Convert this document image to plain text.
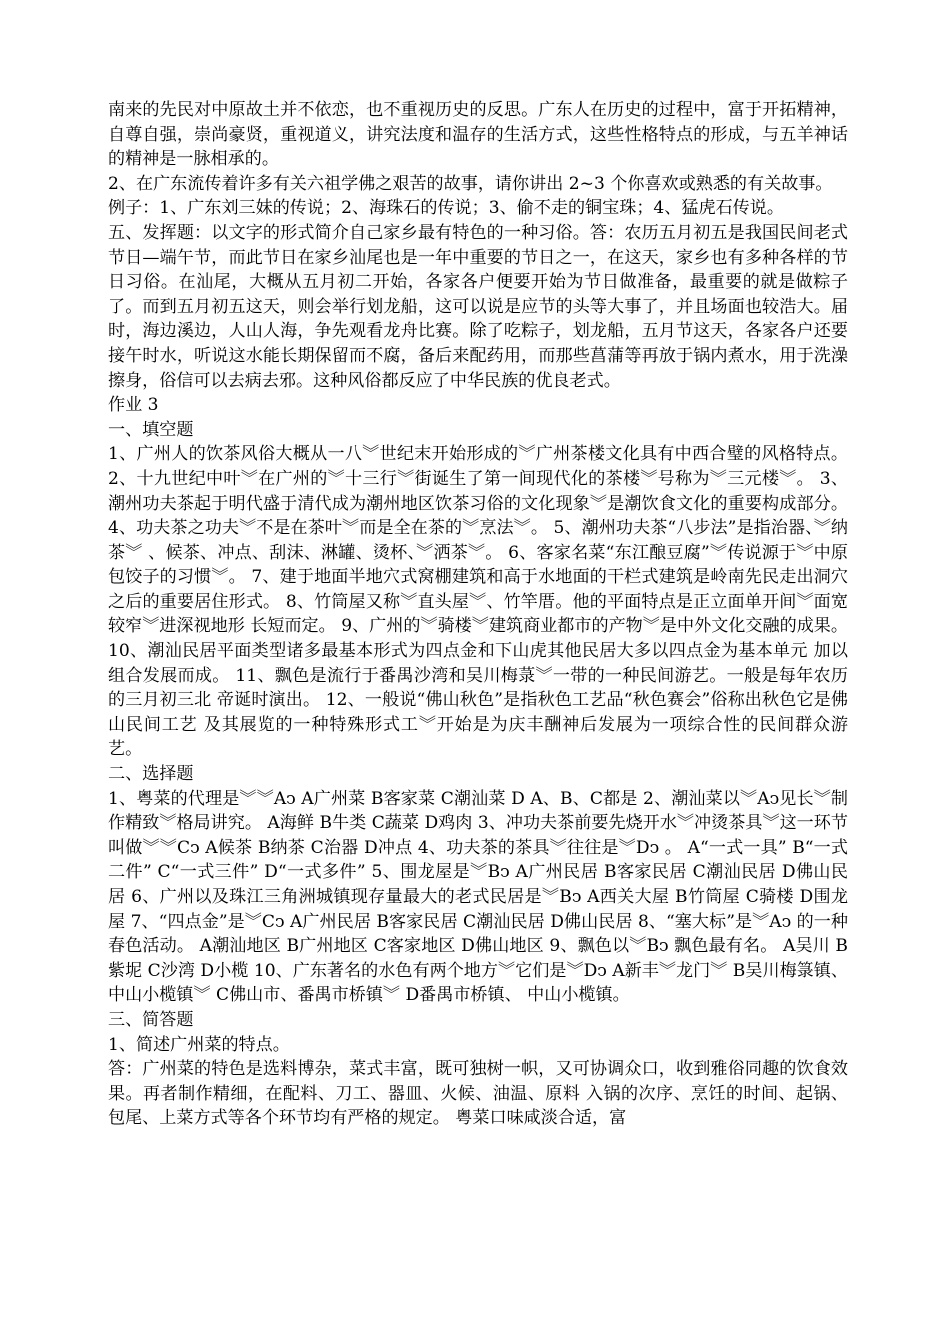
南来的先民对中原故土并不依恋，也不重视历史的反思。广东人在历史的过程中，富于开拓精神，自尊自强，崇尚豪贤，重视道义，讲究法度和温存的生活方式，这些性格特点的形成，与五羊神话的精神是一脉相承的。

2、在广东流传着许多有关六祖学佛之艰苦的故事，请你讲出 2~3 个你喜欢或熟悉的有关故事。

例子：1、广东刘三妹的传说；2、海珠石的传说；3、偷不走的铜宝珠；4、猛虎石传说。

五、发挥题：以文字的形式简介自己家乡最有特色的一种习俗。答：农历五月初五是我国民间老式节日—端午节，而此节日在家乡汕尾也是一年中重要的节日之一，在这天，家乡也有多种各样的节日习俗。在汕尾，大概从五月初二开始，各家各户便要开始为节日做准备，最重要的就是做粽子了。而到五月初五这天，则会举行划龙船，这可以说是应节的头等大事了，并且场面也较浩大。届时，海边溪边，人山人海，争先观看龙舟比赛。除了吃粽子，划龙船，五月节这天，各家各户还要接午时水，听说这水能长期保留而不腐，备后来配药用，而那些菖蒲等再放于锅内煮水，用于洗澡擦身，俗信可以去病去邪。这种风俗都反应了中华民族的优良老式。

作业 3

一、填空题

1、广州人的饮茶风俗大概从一八︾世纪末开始形成的︾广州茶楼文化具有中西合璧的风格特点。 2、十九世纪中叶︾在广州的︾十三行︾街诞生了第一间现代化的茶楼︾号称为︾三元楼︾。 3、潮州功夫茶起于明代盛于清代成为潮州地区饮茶习俗的文化现象︾是潮饮食文化的重要构成部分。 4、功夫茶之功夫︾不是在茶叶︾而是全在茶的︾烹法︾。 5、潮州功夫茶“八步法”是指治器、︾纳茶︾ 、候茶、冲点、刮沫、淋罐、烫杯、︾洒茶︾。 6、客家名菜“东江酿豆腐”︾传说源于︾中原包饺子的习惯︾。 7、建于地面半地穴式窝棚建筑和高于水地面的干栏式建筑是岭南先民走出洞穴之后的重要居住形式。 8、竹筒屋又称︾直头屋︾、竹竿厝。他的平面特点是正立面单开间︾面宽较窄︾进深视地形 长短而定。 9、广州的︾骑楼︾建筑商业都市的产物︾是中外文化交融的成果。 10、潮汕民居平面类型诸多最基本形式为四点金和下山虎其他民居大多以四点金为基本单元 加以组合发展而成。 11、飘色是流行于番禺沙湾和吴川梅菉︾一带的一种民间游艺。一般是每年农历的三月初三北 帝诞时演出。 12、一般说“佛山秋色”是指秋色工艺品“秋色赛会”俗称出秋色它是佛山民间工艺 及其展览的一种特殊形式工︾开始是为庆丰酬神后发展为一项综合性的民间群众游艺。

二、选择题

1、粤菜的代理是︾︾Aↄ A广州菜 B客家菜 C潮汕菜 D A、B、C都是 2、潮汕菜以︾Aↄ见长︾制作精致︾格局讲究。 A海鲜 B牛类 C蔬菜 D鸡肉 3、冲功夫茶前要先烧开水︾冲烫茶具︾这一环节叫做︾︾Cↄ A候茶 B纳茶 C治器 D冲点 4、功夫茶的茶具︾往往是︾Dↄ 。 A“一式一具” B“一式二件” C“一式三件” D“一式多件” 5、围龙屋是︾Bↄ A广州民居 B客家民居 C潮汕民居 D佛山民居 6、广州以及珠江三角洲城镇现存量最大的老式民居是︾Bↄ A西关大屋 B竹筒屋 C骑楼 D围龙屋 7、“四点金”是︾Cↄ A广州民居 B客家民居 C潮汕民居 D佛山民居 8、“塞大标”是︾Aↄ 的一种春色活动。 A潮汕地区 B广州地区 C客家地区 D佛山地区 9、飘色以︾Bↄ 飘色最有名。 A吴川 B紫坭 C沙湾 D小榄 10、广东著名的水色有两个地方︾它们是︾Dↄ A新丰︾龙门︾ B吴川梅箓镇、中山小榄镇︾ C佛山市、番禺市桥镇︾ D番禺市桥镇、 中山小榄镇。

三、简答题

1、简述广州菜的特点。

答：广州菜的特色是选料博杂，菜式丰富，既可独树一帜，又可协调众口，收到雅俗同趣的饮食效果。再者制作精细，在配料、刀工、器皿、火候、油温、原料 入锅的次序、烹饪的时间、起锅、包尾、上菜方式等各个环节均有严格的规定。 粤菜口味咸淡合适，富
